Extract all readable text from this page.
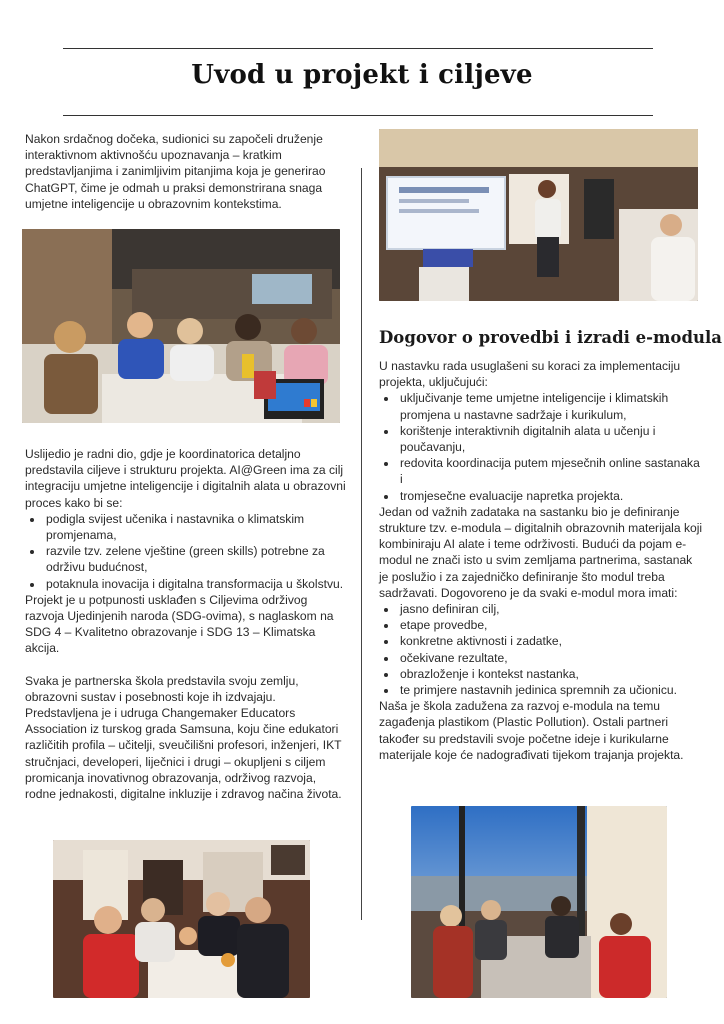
Uvod u projekt i ciljeve

Nakon srdačnog dočeka, sudionici su započeli druženje interaktivnom aktivnošću upoznavanja – kratkim predstavljanjima i zanimljivim pitanjima koja je generirao ChatGPT, čime je odmah u praksi demonstrirana snaga umjetne inteligencije u obrazovnim kontekstima.

Uslijedio je radni dio, gdje je koordinatorica detaljno predstavila ciljeve i strukturu projekta. AI@Green ima za cilj integraciju umjetne inteligencije i digitalnih alata u obrazovni proces kako bi se:

• podigla svijest učenika i nastavnika o klimatskim promjenama,
• razvile tzv. zelene vještine (green skills) potrebne za održivu budućnost,
• potaknula inovacija i digitalna transformacija u školstvu.

Projekt je u potpunosti usklađen s Ciljevima održivog razvoja Ujedinjenih naroda (SDG-ovima), s naglaskom na SDG 4 – Kvalitetno obrazovanje i SDG 13 – Klimatska akcija.

Svaka je partnerska škola predstavila svoju zemlju, obrazovni sustav i posebnosti koje ih izdvajaju. Predstavljena je i udruga Changemaker Educators Association iz turskog grada Samsuna, koju čine edukatori različitih profila – učitelji, sveučilišni profesori, inženjeri, IKT stručnjaci, developeri, liječnici i drugi – okupljeni s ciljem promicanja inovativnog obrazovanja, održivog razvoja, rodne jednakosti, digitalne inkluzije i zdravog načina života.

Dogovor o provedbi i izradi e-modula

U nastavku rada usuglašeni su koraci za implementaciju projekta, uključujući:

• uključivanje teme umjetne inteligencije i klimatskih promjena u nastavne sadržaje i kurikulum,
• korištenje interaktivnih digitalnih alata u učenju i poučavanju,
• redovita koordinacija putem mjesečnih online sastanaka i
• tromjesečne evaluacije napretka projekta.

Jedan od važnih zadataka na sastanku bio je definiranje strukture tzv. e-modula – digitalnih obrazovnih materijala koji kombiniraju AI alate i teme održivosti. Budući da pojam e-modul ne znači isto u svim zemljama partnerima, sastanak je poslužio i za zajedničko definiranje što modul treba sadržavati. Dogovoreno je da svaki e-modul mora imati:

• jasno definiran cilj,
• etape provedbe,
• konkretne aktivnosti i zadatke,
• očekivane rezultate,
• obrazloženje i kontekst nastanka,
• te primjere nastavnih jedinica spremnih za učionicu.

Naša je škola zadužena za razvoj e-modula na temu zagađenja plastikom (Plastic Pollution). Ostali partneri također su predstavili svoje početne ideje i kurikularne materijale koje će nadograđivati tijekom trajanja projekta.
